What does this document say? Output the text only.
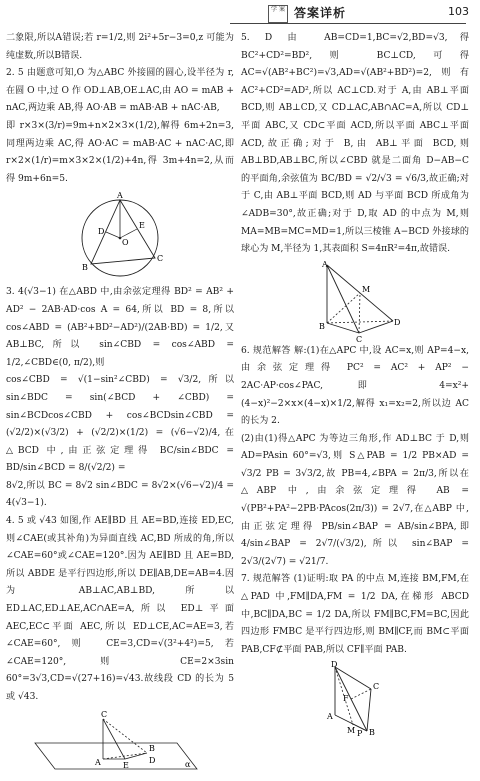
学 案 答案详析	103

二象限,所以A错误;若 r=1/2,则 2i²+5r−3=0,z 可能为纯虚数,所以B错误.

2. 5 由题意可知,O 为△ABC 外接圆的圆心,设半径为 r,在圆 O 中,过 O 作 OD⊥AB,OE⊥AC,由 AO = mAB + nAC,两边乘 AB,得 AO·AB = mAB·AB + nAC·AB,

即 r×3×(3/r)=9m+n×2×3×(1/2),解得 6m+2n=3,同理两边乘 AC,得 AO·AC = mAB·AC + nAC·AC,即 r×2×(1/r)=m×3×2×(1/2)+4n,得 3m+4n=2,从而得 9m+6n=5.

A
B
C
O
D
E

3. 4(√3−1) 在△ABD 中,由余弦定理得 BD² = AB² + AD² − 2AB·AD·cos A = 64,所以 BD = 8,所以 cos∠ABD = (AB²+BD²−AD²)/(2AB·BD) = 1/2,又 AB⊥BC,所以 sin∠CBD = cos∠ABD = 1/2,∠CBD∈(0, π/2),则

cos∠CBD = √(1−sin²∠CBD) = √3/2,所以 sin∠BDC = sin(∠BCD + ∠CBD) = sin∠BCDcos∠CBD + cos∠BCDsin∠CBD = (√2/2)×(√3/2) + (√2/2)×(1/2) = (√6−√2)/4,在△BCD 中,由正弦定理得 BC/sin∠BDC = BD/sin∠BCD = 8/(√2/2) =

8√2,所以 BC = 8√2 sin∠BDC = 8√2×(√6−√2)/4 = 4(√3−1).

4. 5 或 √43 如图,作 AE∥BD 且 AE=BD,连接 ED,EC,则∠CAE(或其补角)为异面直线 AC,BD 所成的角,所以∠CAE=60°或∠CAE=120°.因为 AE∥BD 且 AE=BD,所以 ABDE 是平行四边形,所以 DE∥AB,DE=AB=4.因为 AB⊥AC,AB⊥BD,所以 ED⊥AC,ED⊥AE,AC∩AE=A,所以 ED⊥平面 AEC,EC⊂平面 AEC,所以 ED⊥CE,AC=AE=3,若∠CAE=60°,则 CE=3,CD=√(3²+4²)=5,若∠CAE=120°,则 CE=2×3sin 60°=3√3,CD=√(27+16)=√43.故线段 CD 的长为 5 或 √43.

A
B
C
D
E	α

5. D 由 AB=CD=1,BC=√2,BD=√3,得 BC²+CD²=BD²,则 BC⊥CD,可得 AC=√(AB²+BC²)=√3,AD=√(AB²+BD²)=2,则有 AC²+CD²=AD²,所以 AC⊥CD.对于 A,由 AB⊥平面 BCD,则 AB⊥CD,又 CD⊥AC,AB∩AC=A,所以 CD⊥平面 ABC,又 CD⊂平面 ACD,所以平面 ABC⊥平面 ACD,故正确;对于 B,由 AB⊥平面 BCD,则 AB⊥BD,AB⊥BC,所以∠CBD 就是二面角 D−AB−C 的平面角,余弦值为 BC/BD = √2/√3 = √6/3,故正确;对于 C,由 AB⊥平面 BCD,则 AD 与平面 BCD 所成角为∠ADB=30°,故正确;对于 D,取 AD 的中点为 M,则 MA=MB=MC=MD=1,所以三棱锥 A−BCD 外接球的球心为 M,半径为 1,其表面积 S=4πR²=4π,故错误.

A
B
C
D
M

6. 规范解答 解:(1)在△APC 中,设 AC=x,则 AP=4−x,由余弦定理得 PC² = AC² + AP² − 2AC·AP·cos∠PAC,即 4=x²+(4−x)²−2×x×(4−x)×1/2,解得 x₁=x₂=2,所以边 AC 的长为 2.

(2)由(1)得△APC 为等边三角形,作 AD⊥BC 于 D,则 AD=PAsin 60°=√3,则 S△PAB = 1/2 PB×AD = √3/2 PB = 3√3/2,故 PB=4,∠BPA = 2π/3,所以在△ABP 中,由余弦定理得 AB = √(PB²+PA²−2PB·PAcos(2π/3)) = 2√7,在△ABP 中,由正弦定理得 PB/sin∠BAP = AB/sin∠BPA,即 4/sin∠BAP = 2√7/(√3/2),所以 sin∠BAP = 2√3/(2√7) = √21/7.

7. 规范解答 (1)证明:取 PA 的中点 M,连接 BM,FM,在△PAD 中,FM∥DA,FM = 1/2 DA,在梯形 ABCD 中,BC∥DA,BC = 1/2 DA,所以 FM∥BC,FM=BC,因此四边形 FMBC 是平行四边形,则 BM∥CF,而 BM⊂平面 PAB,CF⊄平面 PAB,所以 CF∥平面 PAB.

D
C
F
A
B
M P
